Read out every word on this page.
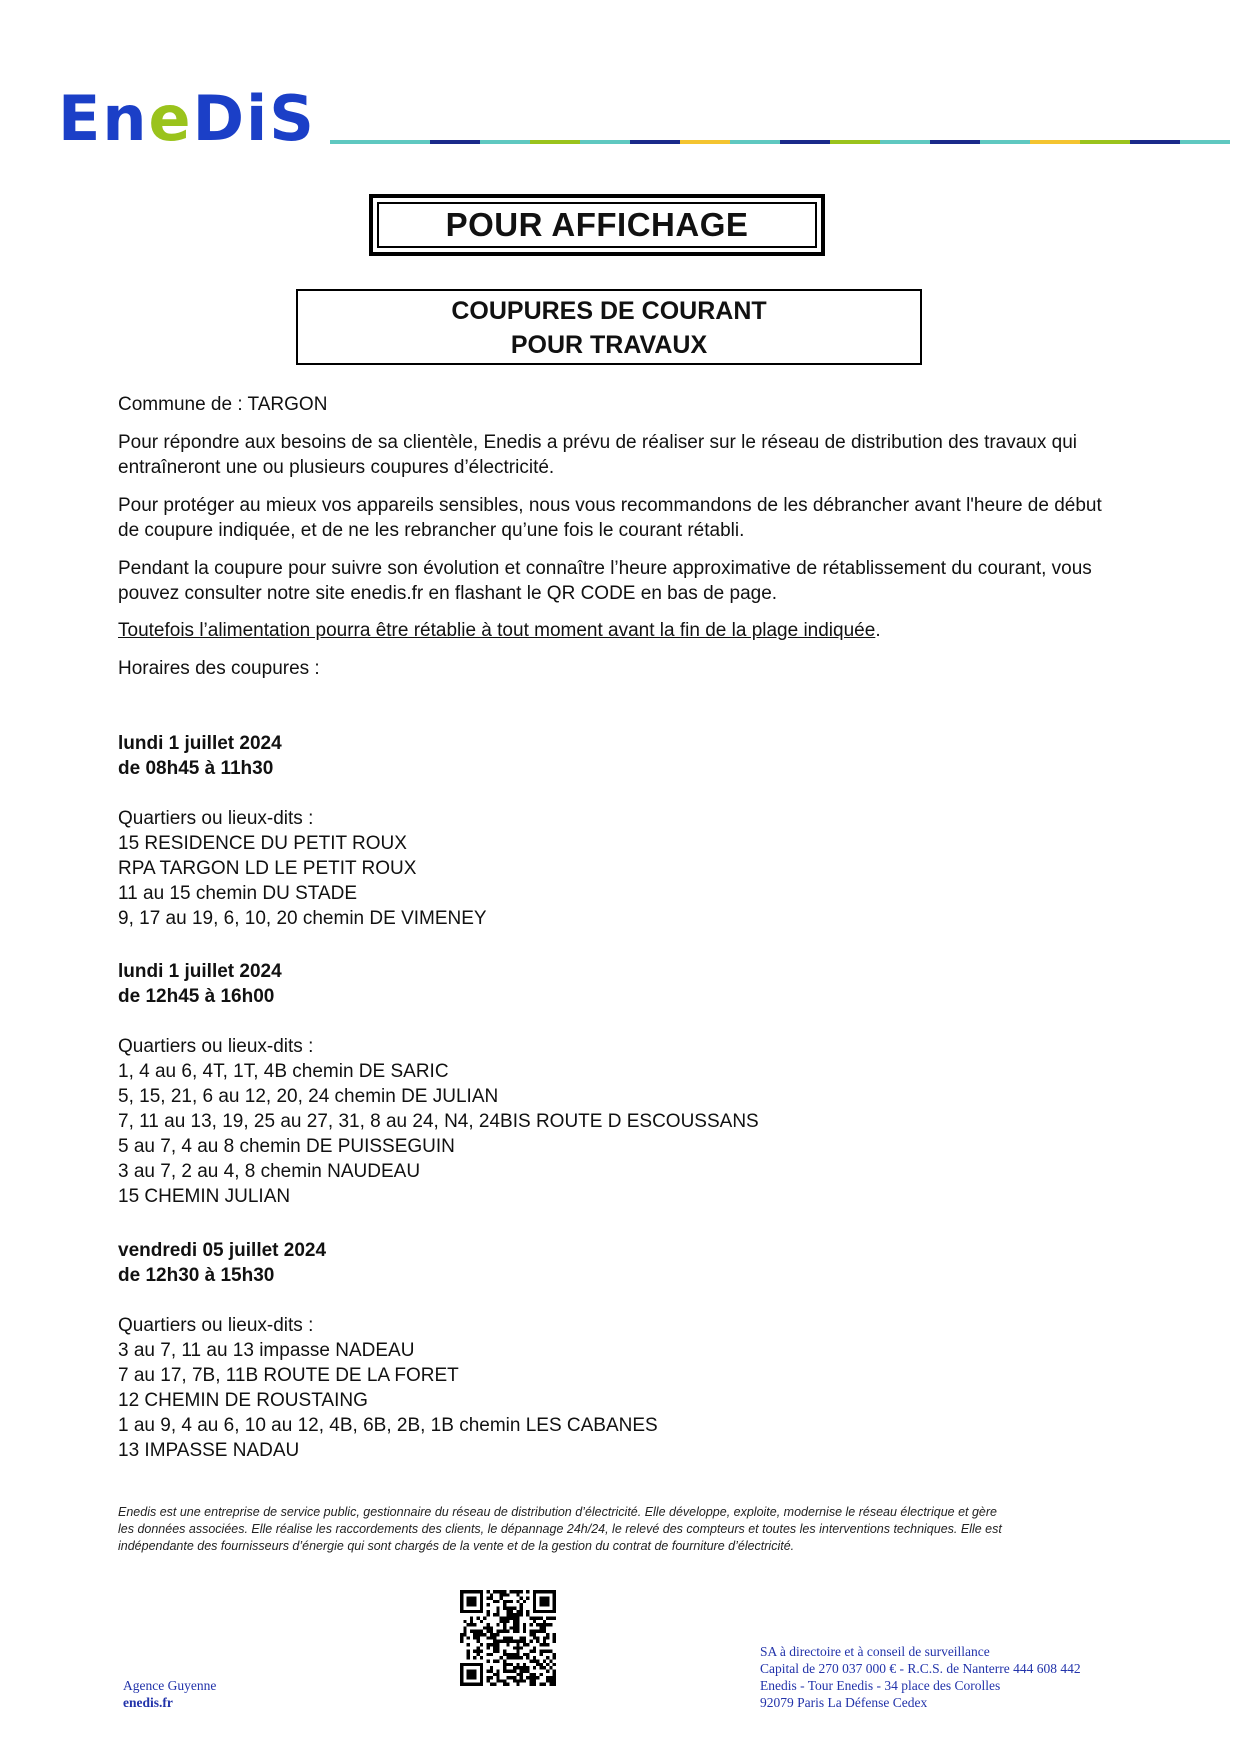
EneDiS
POUR AFFICHAGE
COUPURES DE COURANT
POUR TRAVAUX
Commune de : TARGON
Pour répondre aux besoins de sa clientèle, Enedis a prévu de réaliser sur le réseau de distribution des travaux qui
entraîneront une ou plusieurs coupures d’électricité.
Pour protéger au mieux vos appareils sensibles, nous vous recommandons de les débrancher avant l'heure de début
de coupure indiquée, et de ne les rebrancher qu’une fois le courant rétabli.
Pendant la coupure pour suivre son évolution et connaître l’heure approximative de rétablissement du courant, vous
pouvez consulter notre site enedis.fr en flashant le QR CODE en bas de page.
Toutefois l’alimentation pourra être rétablie à tout moment avant la fin de la plage indiquée.
Horaires des coupures :
lundi 1 juillet 2024
de 08h45 à 11h30
Quartiers ou lieux-dits :
15 RESIDENCE DU PETIT ROUX
RPA TARGON LD LE PETIT ROUX
11 au 15 chemin DU STADE
9, 17 au 19, 6, 10, 20 chemin DE VIMENEY
lundi 1 juillet 2024
de 12h45 à 16h00
Quartiers ou lieux-dits :
1, 4 au 6, 4T, 1T, 4B chemin DE SARIC
5, 15, 21, 6 au 12, 20, 24 chemin DE JULIAN
7, 11 au 13, 19, 25 au 27, 31, 8 au 24, N4, 24BIS ROUTE D ESCOUSSANS
5 au 7, 4 au 8 chemin DE PUISSEGUIN
3 au 7, 2 au 4, 8 chemin NAUDEAU
15 CHEMIN JULIAN
vendredi 05 juillet 2024
de 12h30 à 15h30
Quartiers ou lieux-dits :
3 au 7, 11 au 13 impasse NADEAU
7 au 17, 7B, 11B ROUTE DE LA FORET
12 CHEMIN DE ROUSTAING
1 au 9, 4 au 6, 10 au 12, 4B, 6B, 2B, 1B chemin LES CABANES
13 IMPASSE NADAU
Enedis est une entreprise de service public, gestionnaire du réseau de distribution d’électricité. Elle développe, exploite, modernise le réseau électrique et gère
les données associées. Elle réalise les raccordements des clients, le dépannage 24h/24, le relevé des compteurs et toutes les interventions techniques. Elle est
indépendante des fournisseurs d’énergie qui sont chargés de la vente et de la gestion du contrat de fourniture d’électricité.
Agence Guyenne
enedis.fr
SA à directoire et à conseil de surveillance
Capital de 270 037 000 € - R.C.S. de Nanterre 444 608 442
Enedis - Tour Enedis - 34 place des Corolles
92079 Paris La Défense Cedex
